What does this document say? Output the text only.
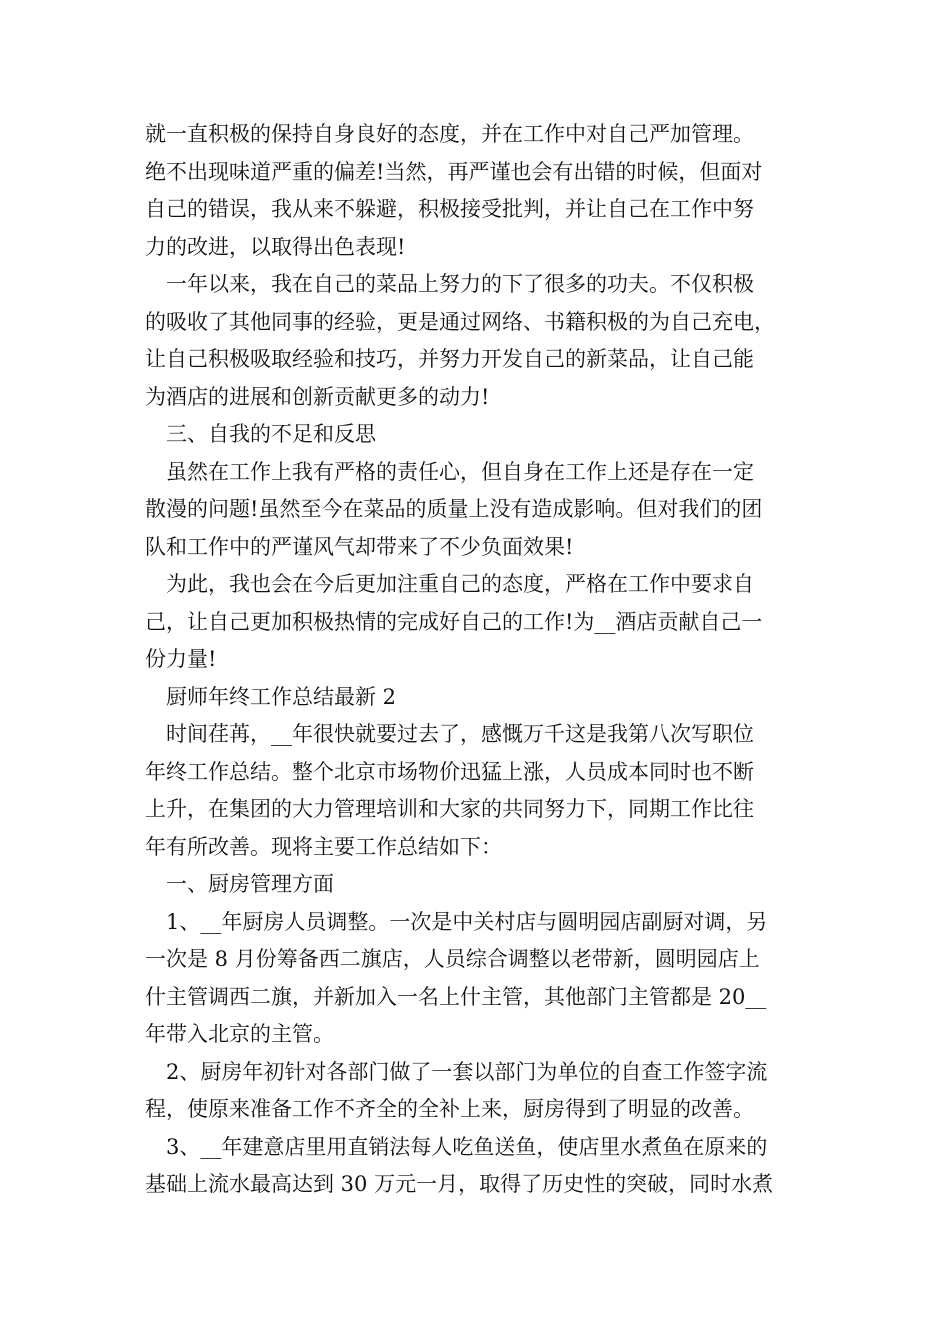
就一直积极的保持自身良好的态度，并在工作中对自己严加管理。
绝不出现味道严重的偏差!当然，再严谨也会有出错的时候，但面对
自己的错误，我从来不躲避，积极接受批判，并让自己在工作中努
力的改进，以取得出色表现!
一年以来，我在自己的菜品上努力的下了很多的功夫。不仅积极
的吸收了其他同事的经验，更是通过网络、书籍积极的为自己充电，
让自己积极吸取经验和技巧，并努力开发自己的新菜品，让自己能
为酒店的进展和创新贡献更多的动力!
三、自我的不足和反思
虽然在工作上我有严格的责任心，但自身在工作上还是存在一定
散漫的问题!虽然至今在菜品的质量上没有造成影响。但对我们的团
队和工作中的严谨风气却带来了不少负面效果!
为此，我也会在今后更加注重自己的态度，严格在工作中要求自
己，让自己更加积极热情的完成好自己的工作!为__酒店贡献自己一
份力量!
厨师年终工作总结最新 2
时间荏苒，__年很快就要过去了，感慨万千这是我第八次写职位
年终工作总结。整个北京市场物价迅猛上涨，人员成本同时也不断
上升，在集团的大力管理培训和大家的共同努力下，同期工作比往
年有所改善。现将主要工作总结如下：
一、厨房管理方面
1、__年厨房人员调整。一次是中关村店与圆明园店副厨对调，另
一次是 8 月份筹备西二旗店，人员综合调整以老带新，圆明园店上
什主管调西二旗，并新加入一名上什主管，其他部门主管都是 20__
年带入北京的主管。
2、厨房年初针对各部门做了一套以部门为单位的自查工作签字流
程，使原来准备工作不齐全的全补上来，厨房得到了明显的改善。
3、__年建意店里用直销法每人吃鱼送鱼，使店里水煮鱼在原来的
基础上流水最高达到 30 万元一月，取得了历史性的突破，同时水煮
